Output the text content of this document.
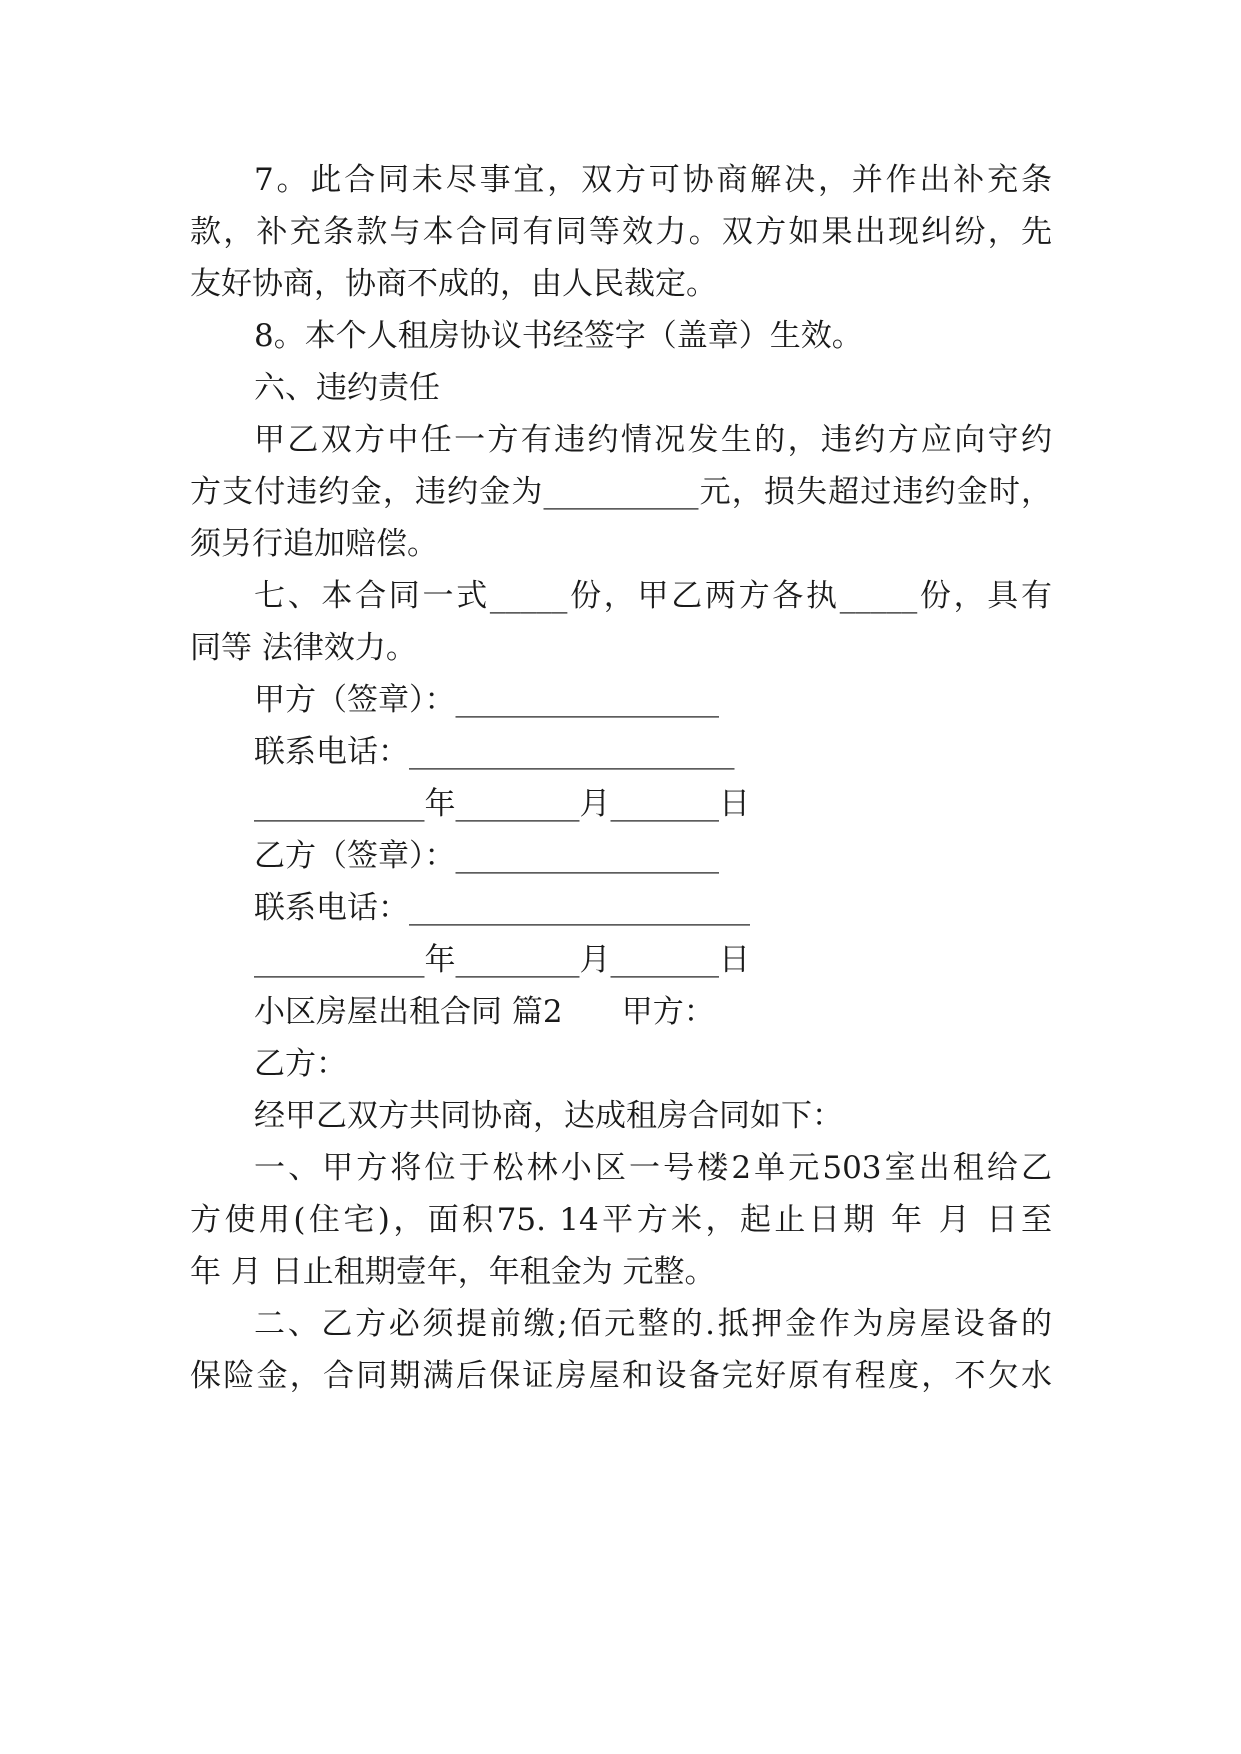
7。此合同未尽事宜，双方可协商解决，并作出补充条
款，补充条款与本合同有同等效力。双方如果出现纠纷，先
友好协商，协商不成的，由人民裁定。
8。本个人租房协议书经签字（盖章）生效。
六、违约责任
甲乙双方中任一方有违约情况发生的，违约方应向守约
方支付违约金，违约金为__________元，损失超过违约金时，
须另行追加赔偿。
七、本合同一式_____份，甲乙两方各执_____份，具有
同等 法律效力。
甲方（签章）：_________________
联系电话：_____________________
___________年________月_______日
乙方（签章）：_________________
联系电话：______________________
___________年________月_______日
小区房屋出租合同 篇2      甲方：
乙方：
经甲乙双方共同协商，达成租房合同如下：
一、甲方将位于松林小区一号楼2单元503室出租给乙
方使用(住宅)，面积75. 14平方米，起止日期 年 月 日至
年 月 日止租期壹年，年租金为 元整。
二、乙方必须提前缴;佰元整的.抵押金作为房屋设备的
保险金，合同期满后保证房屋和设备完好原有程度，不欠水
